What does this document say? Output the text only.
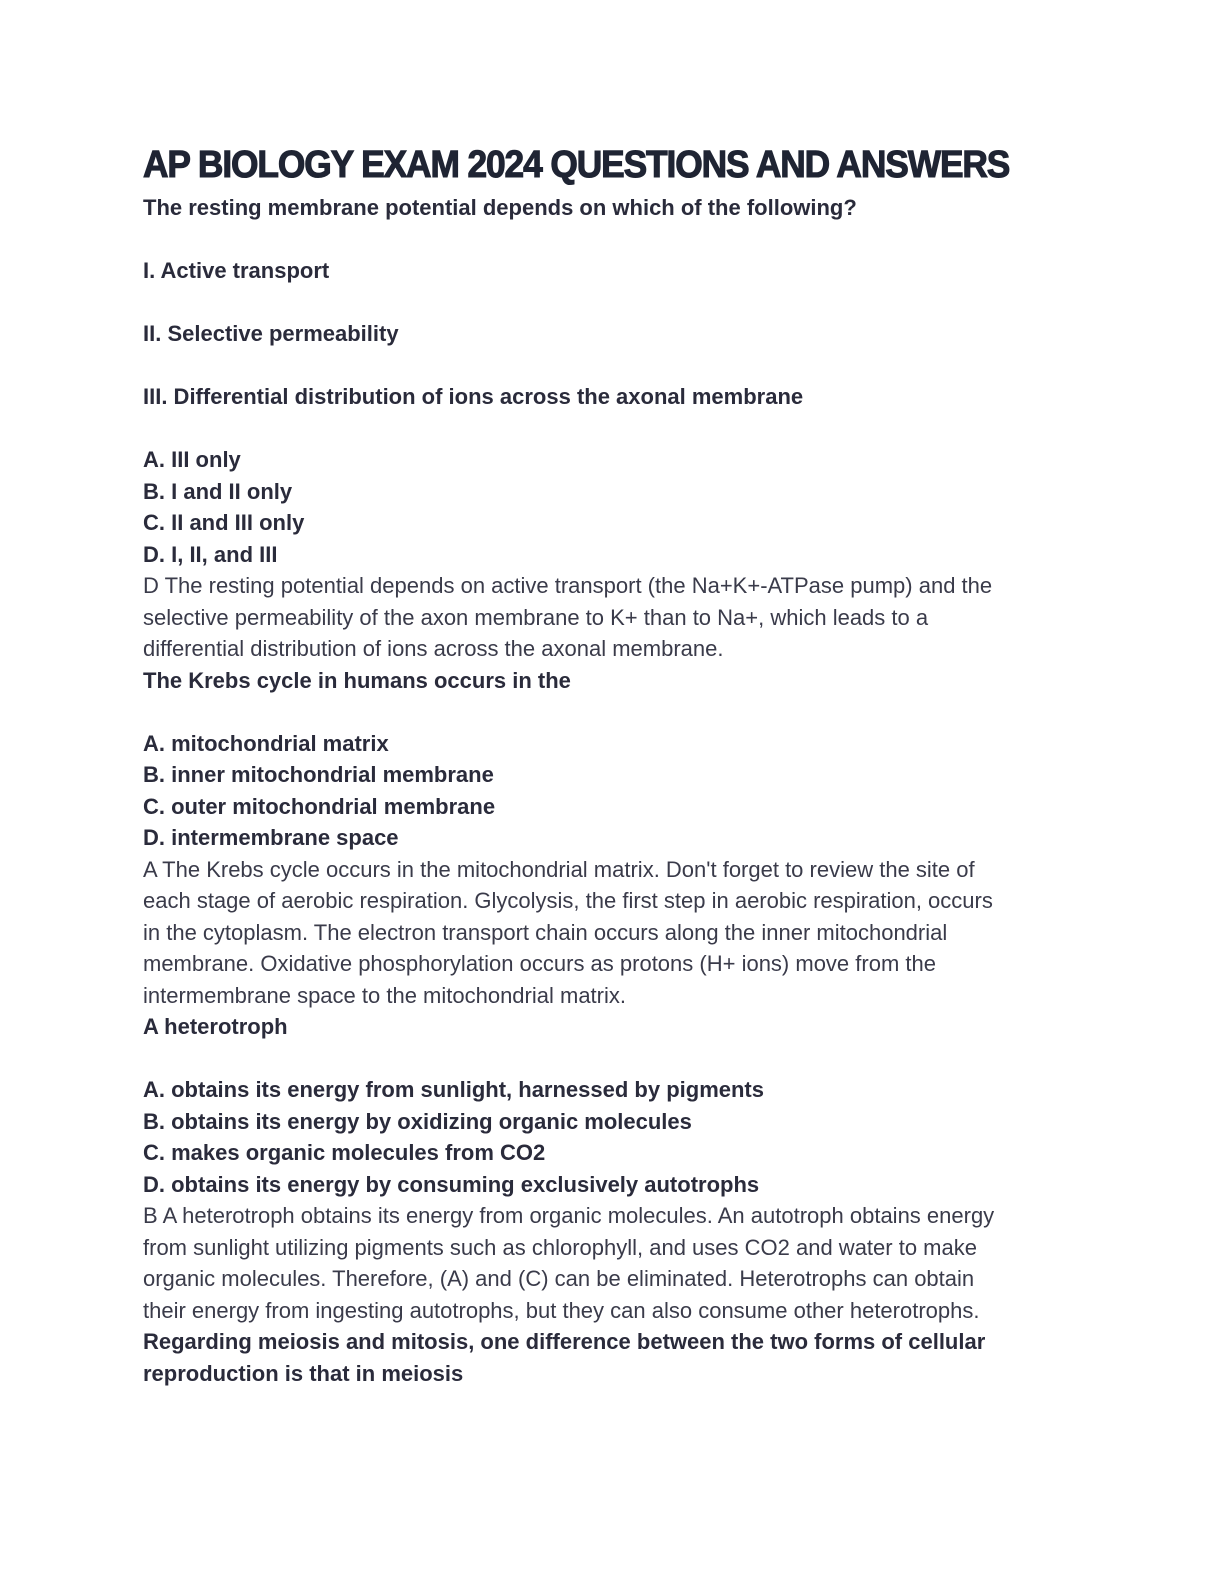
AP BIOLOGY EXAM 2024 QUESTIONS AND ANSWERS

The resting membrane potential depends on which of the following?

I. Active transport

II. Selective permeability

III. Differential distribution of ions across the axonal membrane

A. III only

B. I and II only

C. II and III only

D. I, II, and III

D The resting potential depends on active transport (the Na+K+-ATPase pump) and the

selective permeability of the axon membrane to K+ than to Na+, which leads to a

differential distribution of ions across the axonal membrane.

The Krebs cycle in humans occurs in the

A. mitochondrial matrix

B. inner mitochondrial membrane

C. outer mitochondrial membrane

D. intermembrane space

A The Krebs cycle occurs in the mitochondrial matrix. Don't forget to review the site of

each stage of aerobic respiration. Glycolysis, the first step in aerobic respiration, occurs

in the cytoplasm. The electron transport chain occurs along the inner mitochondrial

membrane. Oxidative phosphorylation occurs as protons (H+ ions) move from the

intermembrane space to the mitochondrial matrix.

A heterotroph

A. obtains its energy from sunlight, harnessed by pigments

B. obtains its energy by oxidizing organic molecules

C. makes organic molecules from CO2

D. obtains its energy by consuming exclusively autotrophs

B A heterotroph obtains its energy from organic molecules. An autotroph obtains energy

from sunlight utilizing pigments such as chlorophyll, and uses CO2 and water to make

organic molecules. Therefore, (A) and (C) can be eliminated. Heterotrophs can obtain

their energy from ingesting autotrophs, but they can also consume other heterotrophs.

Regarding meiosis and mitosis, one difference between the two forms of cellular

reproduction is that in meiosis
